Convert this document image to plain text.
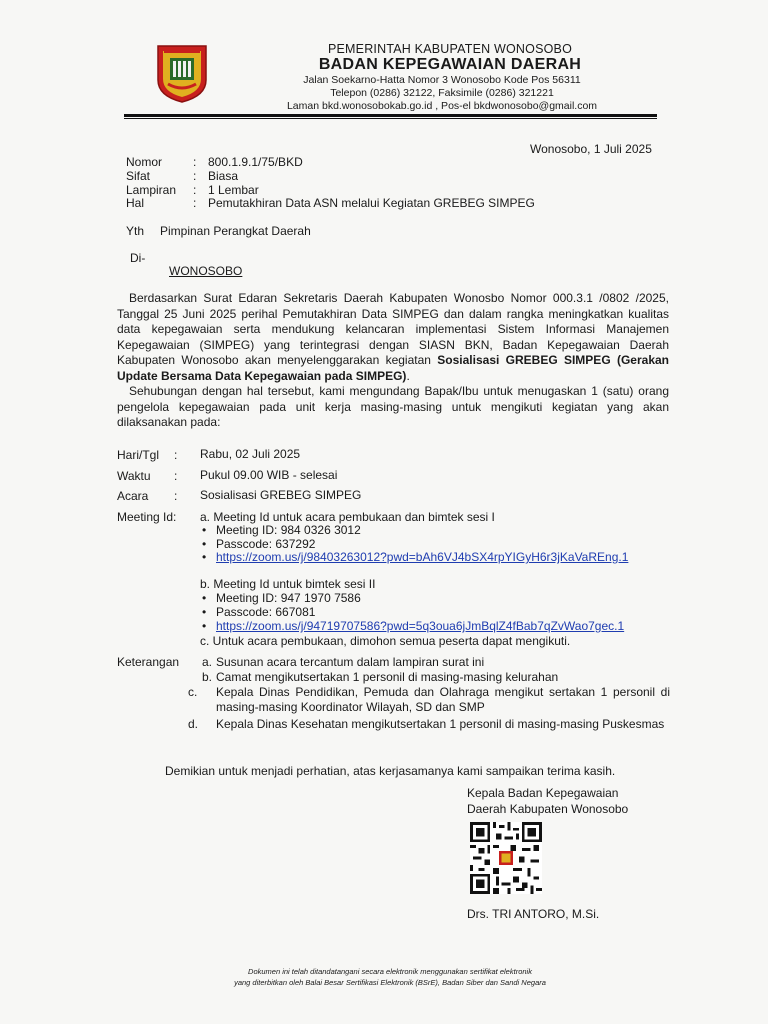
PEMERINTAH KABUPATEN WONOSOBO
BADAN KEPEGAWAIAN DAERAH
Jalan Soekarno-Hatta Nomor 3 Wonosobo Kode Pos 56311
Telepon (0286) 32122, Faksimile (0286) 321221
Laman bkd.wonosobokab.go.id , Pos-el bkdwonosobo@gmail.com
Wonosobo, 1 Juli 2025
Nomor	: 800.1.9.1/75/BKD
Sifat	: Biasa
Lampiran : 1 Lembar
Hal	: Pemutakhiran Data ASN melalui Kegiatan GREBEG SIMPEG
Yth Pimpinan Perangkat Daerah
Di-
WONOSOBO
Berdasarkan Surat Edaran Sekretaris Daerah Kabupaten Wonosbo Nomor 000.3.1 /0802 /2025, Tanggal 25 Juni 2025 perihal Pemutakhiran Data SIMPEG dan dalam rangka meningkatkan kualitas data kepegawaian serta mendukung kelancaran implementasi Sistem Informasi Manajemen Kepegawaian (SIMPEG) yang terintegrasi dengan SIASN BKN, Badan Kepegawaian Daerah Kabupaten Wonosobo akan menyelenggarakan kegiatan Sosialisasi GREBEG SIMPEG (Gerakan Update Bersama Data Kepegawaian pada SIMPEG).
Sehubungan dengan hal tersebut, kami mengundang Bapak/Ibu untuk menugaskan 1 (satu) orang pengelola kepegawaian pada unit kerja masing-masing untuk mengikuti kegiatan yang akan dilaksanakan pada:
Hari/Tgl : Rabu, 02 Juli 2025
Waktu : Pukul 09.00 WIB - selesai
Acara : Sosialisasi GREBEG SIMPEG
Meeting Id: a. Meeting Id untuk acara pembukaan dan bimtek sesi I
• Meeting ID: 984 0326 3012
• Passcode: 637292
• https://zoom.us/j/98403263012?pwd=bAh6VJ4bSX4rpYIGyH6r3jKaVaREng.1
b. Meeting Id untuk bimtek sesi II
• Meeting ID: 947 1970 7586
• Passcode: 667081
• https://zoom.us/j/94719707586?pwd=5q3oua6jJmBqlZ4fBab7qZvWao7gec.1
c. Untuk acara pembukaan, dimohon semua peserta dapat mengikuti.
Keterangan a. Susunan acara tercantum dalam lampiran surat ini
b. Camat mengikutsertakan 1 personil di masing-masing kelurahan
c. Kepala Dinas Pendidikan, Pemuda dan Olahraga mengikut sertakan 1 personil di masing-masing Koordinator Wilayah, SD dan SMP
d. Kepala Dinas Kesehatan mengikutsertakan 1 personil di masing-masing Puskesmas
Demikian untuk menjadi perhatian, atas kerjasamanya kami sampaikan terima kasih.
Kepala Badan Kepegawaian
Daerah Kabupaten Wonosobo
Drs. TRI ANTORO, M.Si.
Dokumen ini telah ditandatangani secara elektronik menggunakan sertifikat elektronik
yang diterbitkan oleh Balai Besar Sertifikasi Elektronik (BSrE), Badan Siber dan Sandi Negara
